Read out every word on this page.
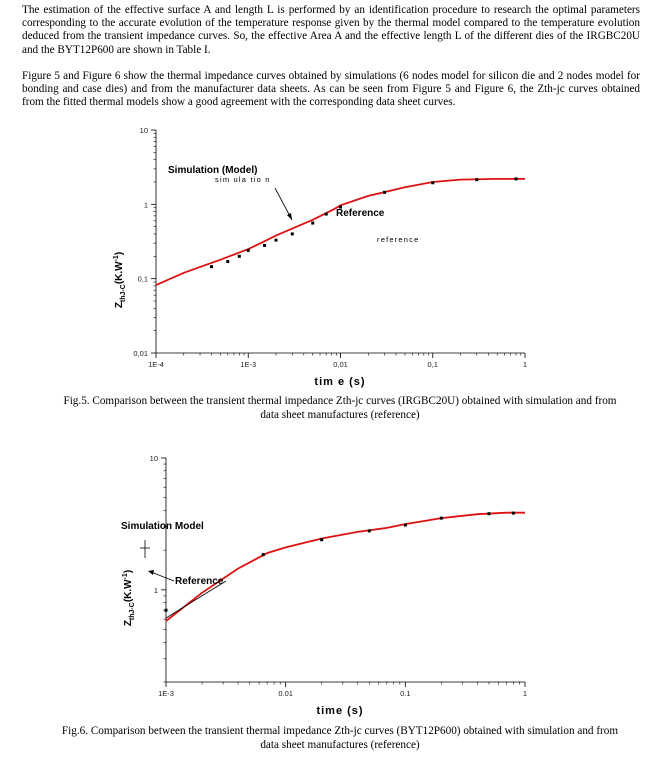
The estimation of the effective surface A and length L is performed by an identification procedure to research the optimal parameters corresponding to the accurate evolution of the temperature response given by the thermal model compared to the temperature evolution deduced from the transient impedance curves. So, the effective Area A and the effective length L of the different dies of the IRGBC20U and the BYT12P600 are shown in Table I.
Figure 5 and Figure 6 show the thermal impedance curves obtained by simulations (6 nodes model for silicon die and 2 nodes model for bonding and case dies) and from the manufacturer data sheets. As can be seen from Figure 5 and Figure 6, the Zth-jc curves obtained from the fitted thermal models show a good agreement with the corresponding data sheet curves.
1E-4	1E-3	0,01	0,1	1
0,01
0,1
1
10
Simulation (Model)
sim ula tio n
Reference
reference
tim e (s)
$Z_{thJ-C}(K.W^{-1})$
Fig.5. Comparison between the transient thermal impedance Zth-jc curves (IRGBC20U) obtained with simulation and from data sheet manufactures (reference)
1E-3	0.01	0.1	1
1
10
Simulation Model
Reference
time (s)
$Z_{thJ-C}(K.W^{-1})$
Fig.6. Comparison between the transient thermal impedance Zth-jc curves (BYT12P600) obtained with simulation and from data sheet manufactures (reference)
